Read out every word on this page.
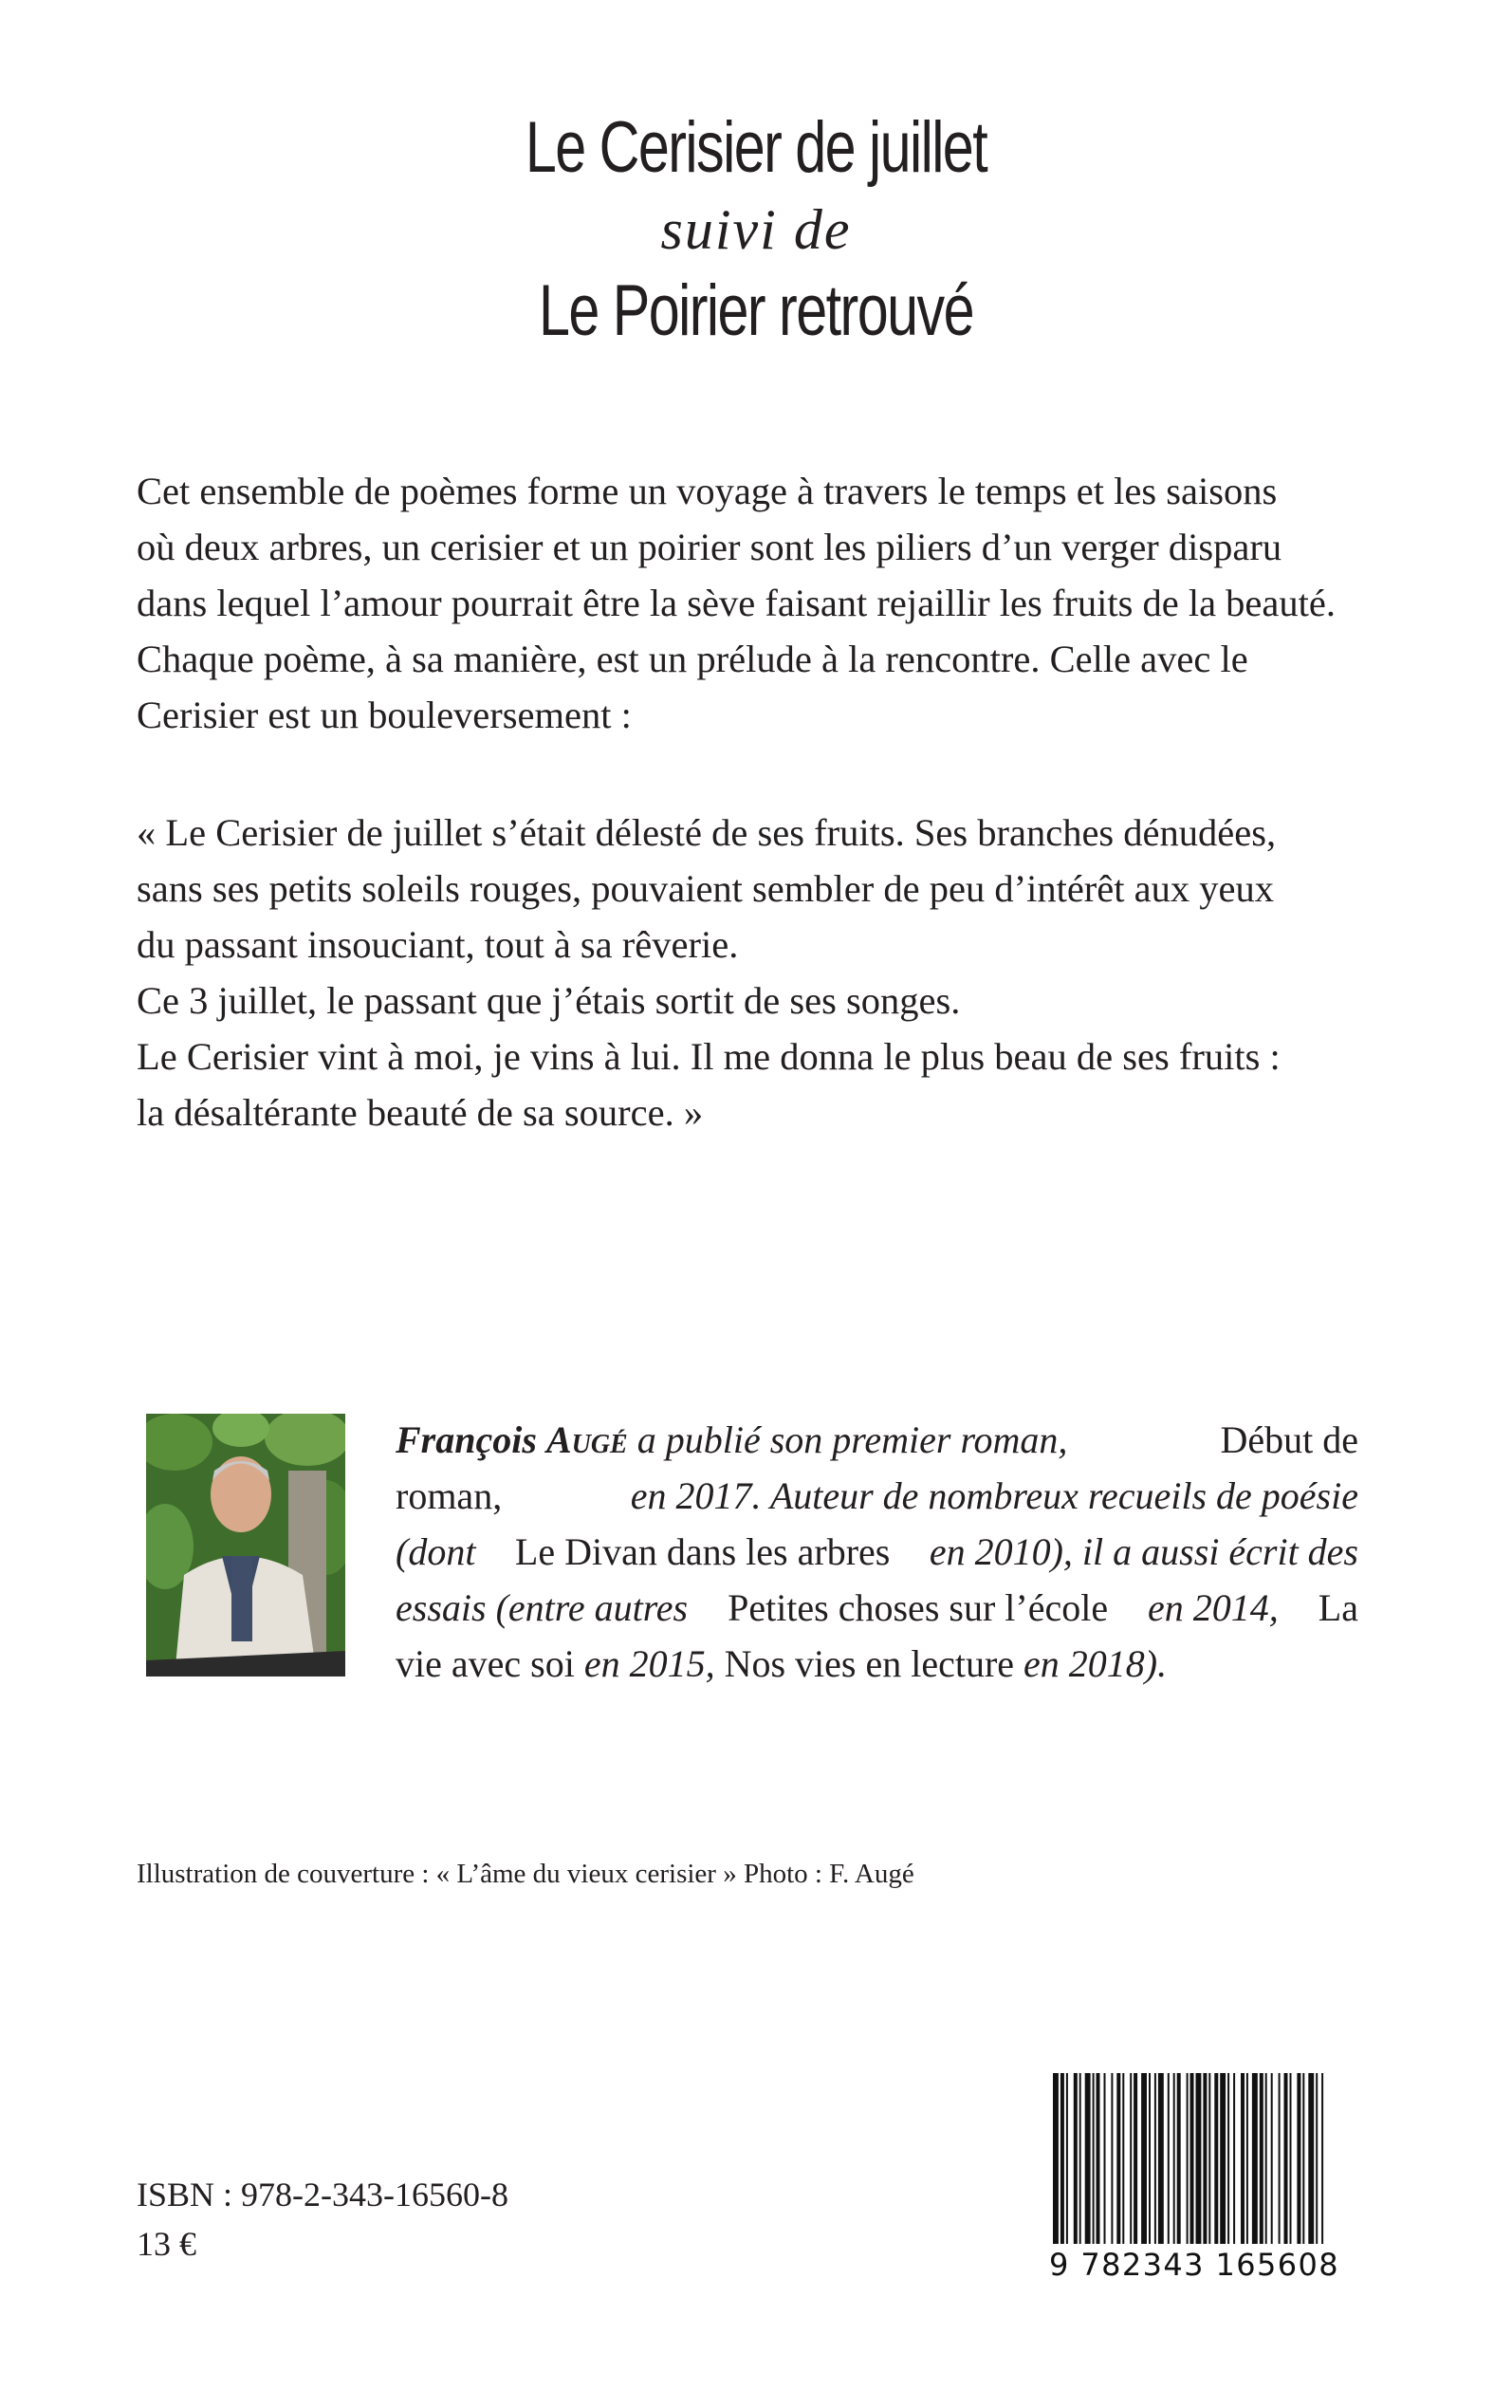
Le Cerisier de juillet
suivi de
Le Poirier retrouvé
Cet ensemble de poèmes forme un voyage à travers le temps et les saisons
où deux arbres, un cerisier et un poirier sont les piliers d’un verger disparu
dans lequel l’amour pourrait être la sève faisant rejaillir les fruits de la beauté.
Chaque poème, à sa manière, est un prélude à la rencontre. Celle avec le
Cerisier est un bouleversement :
« Le Cerisier de juillet s’était délesté de ses fruits. Ses branches dénudées,
sans ses petits soleils rouges, pouvaient sembler de peu d’intérêt aux yeux
du passant insouciant, tout à sa rêverie.
Ce 3 juillet, le passant que j’étais sortit de ses songes.
Le Cerisier vint à moi, je vins à lui. Il me donna le plus beau de ses fruits :
la désaltérante beauté de sa source. »
François Augé a publié son premier roman,	Début de
roman,	en 2017. Auteur de nombreux recueils de poésie
(dont Le Divan dans les arbres en 2010), il a aussi écrit des
essais (entre autres Petites choses sur l’école en 2014, La
vie avec soi
en 2015,
Nos vies en lecture
en 2018).
Illustration de couverture : « L’âme du vieux cerisier » Photo : F. Augé
ISBN : 978-2-343-16560-8
13 €
9 782343 165608
